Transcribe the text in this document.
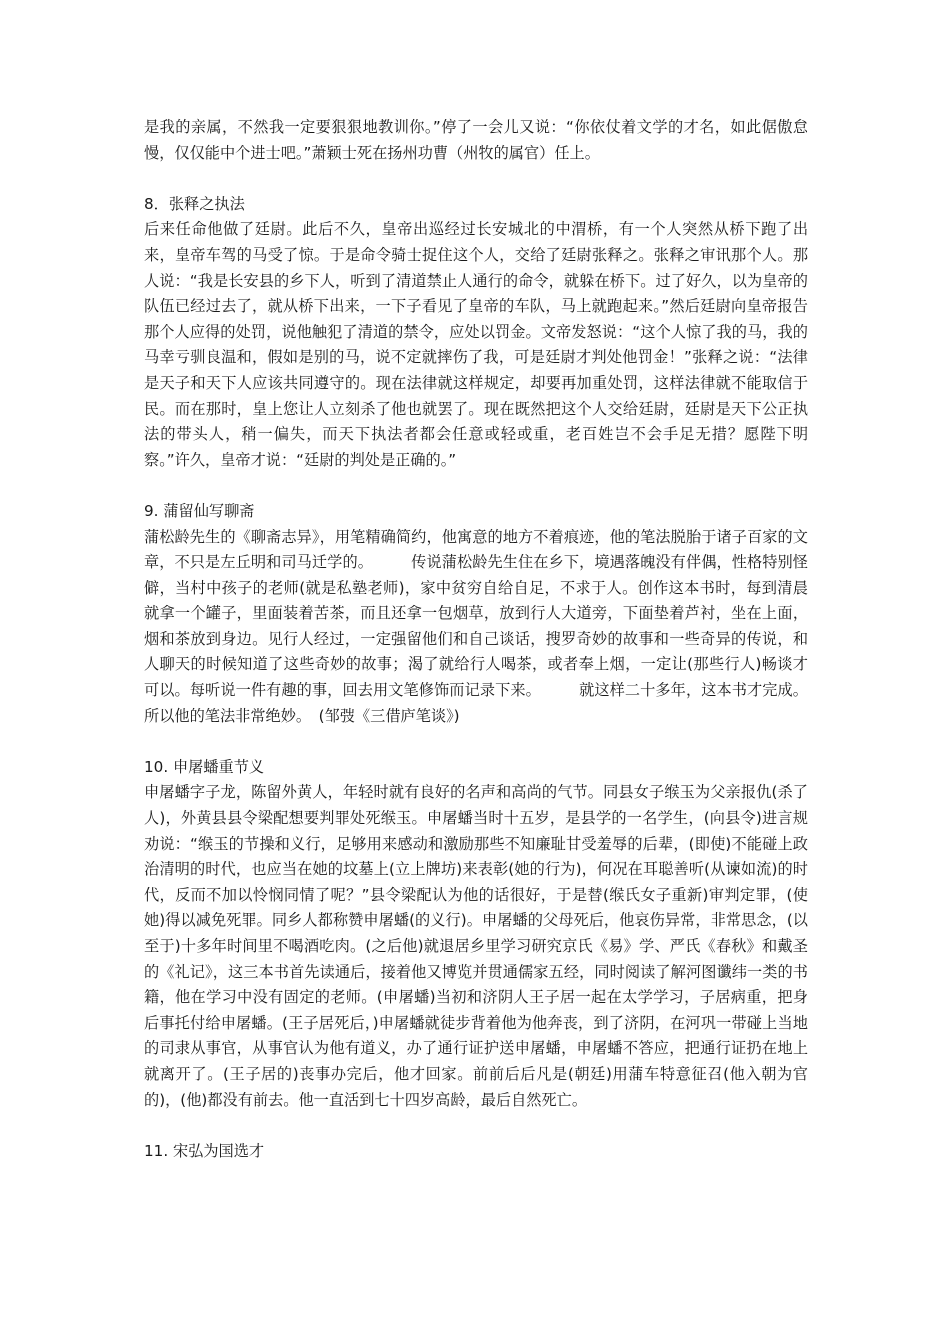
是我的亲属，不然我一定要狠狠地教训你。”停了一会儿又说：“你依仗着文学的才名，如此倨傲怠慢，仅仅能中个进士吧。”萧颖士死在扬州功曹（州牧的属官）任上。

8．张释之执法

后来任命他做了廷尉。此后不久，皇帝出巡经过长安城北的中渭桥，有一个人突然从桥下跑了出来，皇帝车驾的马受了惊。于是命令骑士捉住这个人，交给了廷尉张释之。张释之审讯那个人。那人说：“我是长安县的乡下人，听到了清道禁止人通行的命令，就躲在桥下。过了好久，以为皇帝的队伍已经过去了，就从桥下出来，一下子看见了皇帝的车队，马上就跑起来。”然后廷尉向皇帝报告那个人应得的处罚，说他触犯了清道的禁令，应处以罚金。文帝发怒说：“这个人惊了我的马，我的马幸亏驯良温和，假如是别的马，说不定就摔伤了我，可是廷尉才判处他罚金！”张释之说：“法律是天子和天下人应该共同遵守的。现在法律就这样规定，却要再加重处罚，这样法律就不能取信于民。而在那时，皇上您让人立刻杀了他也就罢了。现在既然把这个人交给廷尉，廷尉是天下公正执法的带头人，稍一偏失，而天下执法者都会任意或轻或重，老百姓岂不会手足无措？愿陛下明察。”许久，皇帝才说：“廷尉的判处是正确的。”

9. 蒲留仙写聊斋

蒲松龄先生的《聊斋志异》，用笔精确简约，他寓意的地方不着痕迹，他的笔法脱胎于诸子百家的文章，不只是左丘明和司马迁学的。　　　传说蒲松龄先生住在乡下，境遇落魄没有伴偶，性格特别怪僻，当村中孩子的老师(就是私塾老师)，家中贫穷自给自足，不求于人。创作这本书时，每到清晨就拿一个罐子，里面装着苦茶，而且还拿一包烟草，放到行人大道旁，下面垫着芦衬，坐在上面，烟和茶放到身边。见行人经过，一定强留他们和自己谈话，搜罗奇妙的故事和一些奇异的传说，和人聊天的时候知道了这些奇妙的故事；渴了就给行人喝茶，或者奉上烟，一定让(那些行人)畅谈才可以。每听说一件有趣的事，回去用文笔修饰而记录下来。　　　就这样二十多年，这本书才完成。所以他的笔法非常绝妙。　(邹弢《三借庐笔谈》)

10. 申屠蟠重节义

申屠蟠字子龙，陈留外黄人，年轻时就有良好的名声和高尚的气节。同县女子缑玉为父亲报仇(杀了人)，外黄县县令梁配想要判罪处死缑玉。申屠蟠当时十五岁，是县学的一名学生，(向县令)进言规劝说：“缑玉的节操和义行，足够用来感动和激励那些不知廉耻甘受羞辱的后辈，(即使)不能碰上政治清明的时代，也应当在她的坟墓上(立上牌坊)来表彰(她的行为)，何况在耳聪善听(从谏如流)的时代，反而不加以怜悯同情了呢？”县令梁配认为他的话很好，于是替(缑氏女子重新)审判定罪，(使她)得以减免死罪。同乡人都称赞申屠蟠(的义行)。申屠蟠的父母死后，他哀伤异常，非常思念，(以至于)十多年时间里不喝酒吃肉。(之后他)就退居乡里学习研究京氏《易》学、严氏《春秋》和戴圣的《礼记》，这三本书首先读通后，接着他又博览并贯通儒家五经，同时阅读了解河图谶纬一类的书籍，他在学习中没有固定的老师。(申屠蟠)当初和济阴人王子居一起在太学学习，子居病重，把身后事托付给申屠蟠。(王子居死后，)申屠蟠就徒步背着他为他奔丧，到了济阴，在河巩一带碰上当地的司隶从事官，从事官认为他有道义，办了通行证护送申屠蟠，申屠蟠不答应，把通行证扔在地上就离开了。(王子居的)丧事办完后，他才回家。前前后后凡是(朝廷)用蒲车特意征召(他入朝为官的)，(他)都没有前去。他一直活到七十四岁高龄，最后自然死亡。

11. 宋弘为国选才
